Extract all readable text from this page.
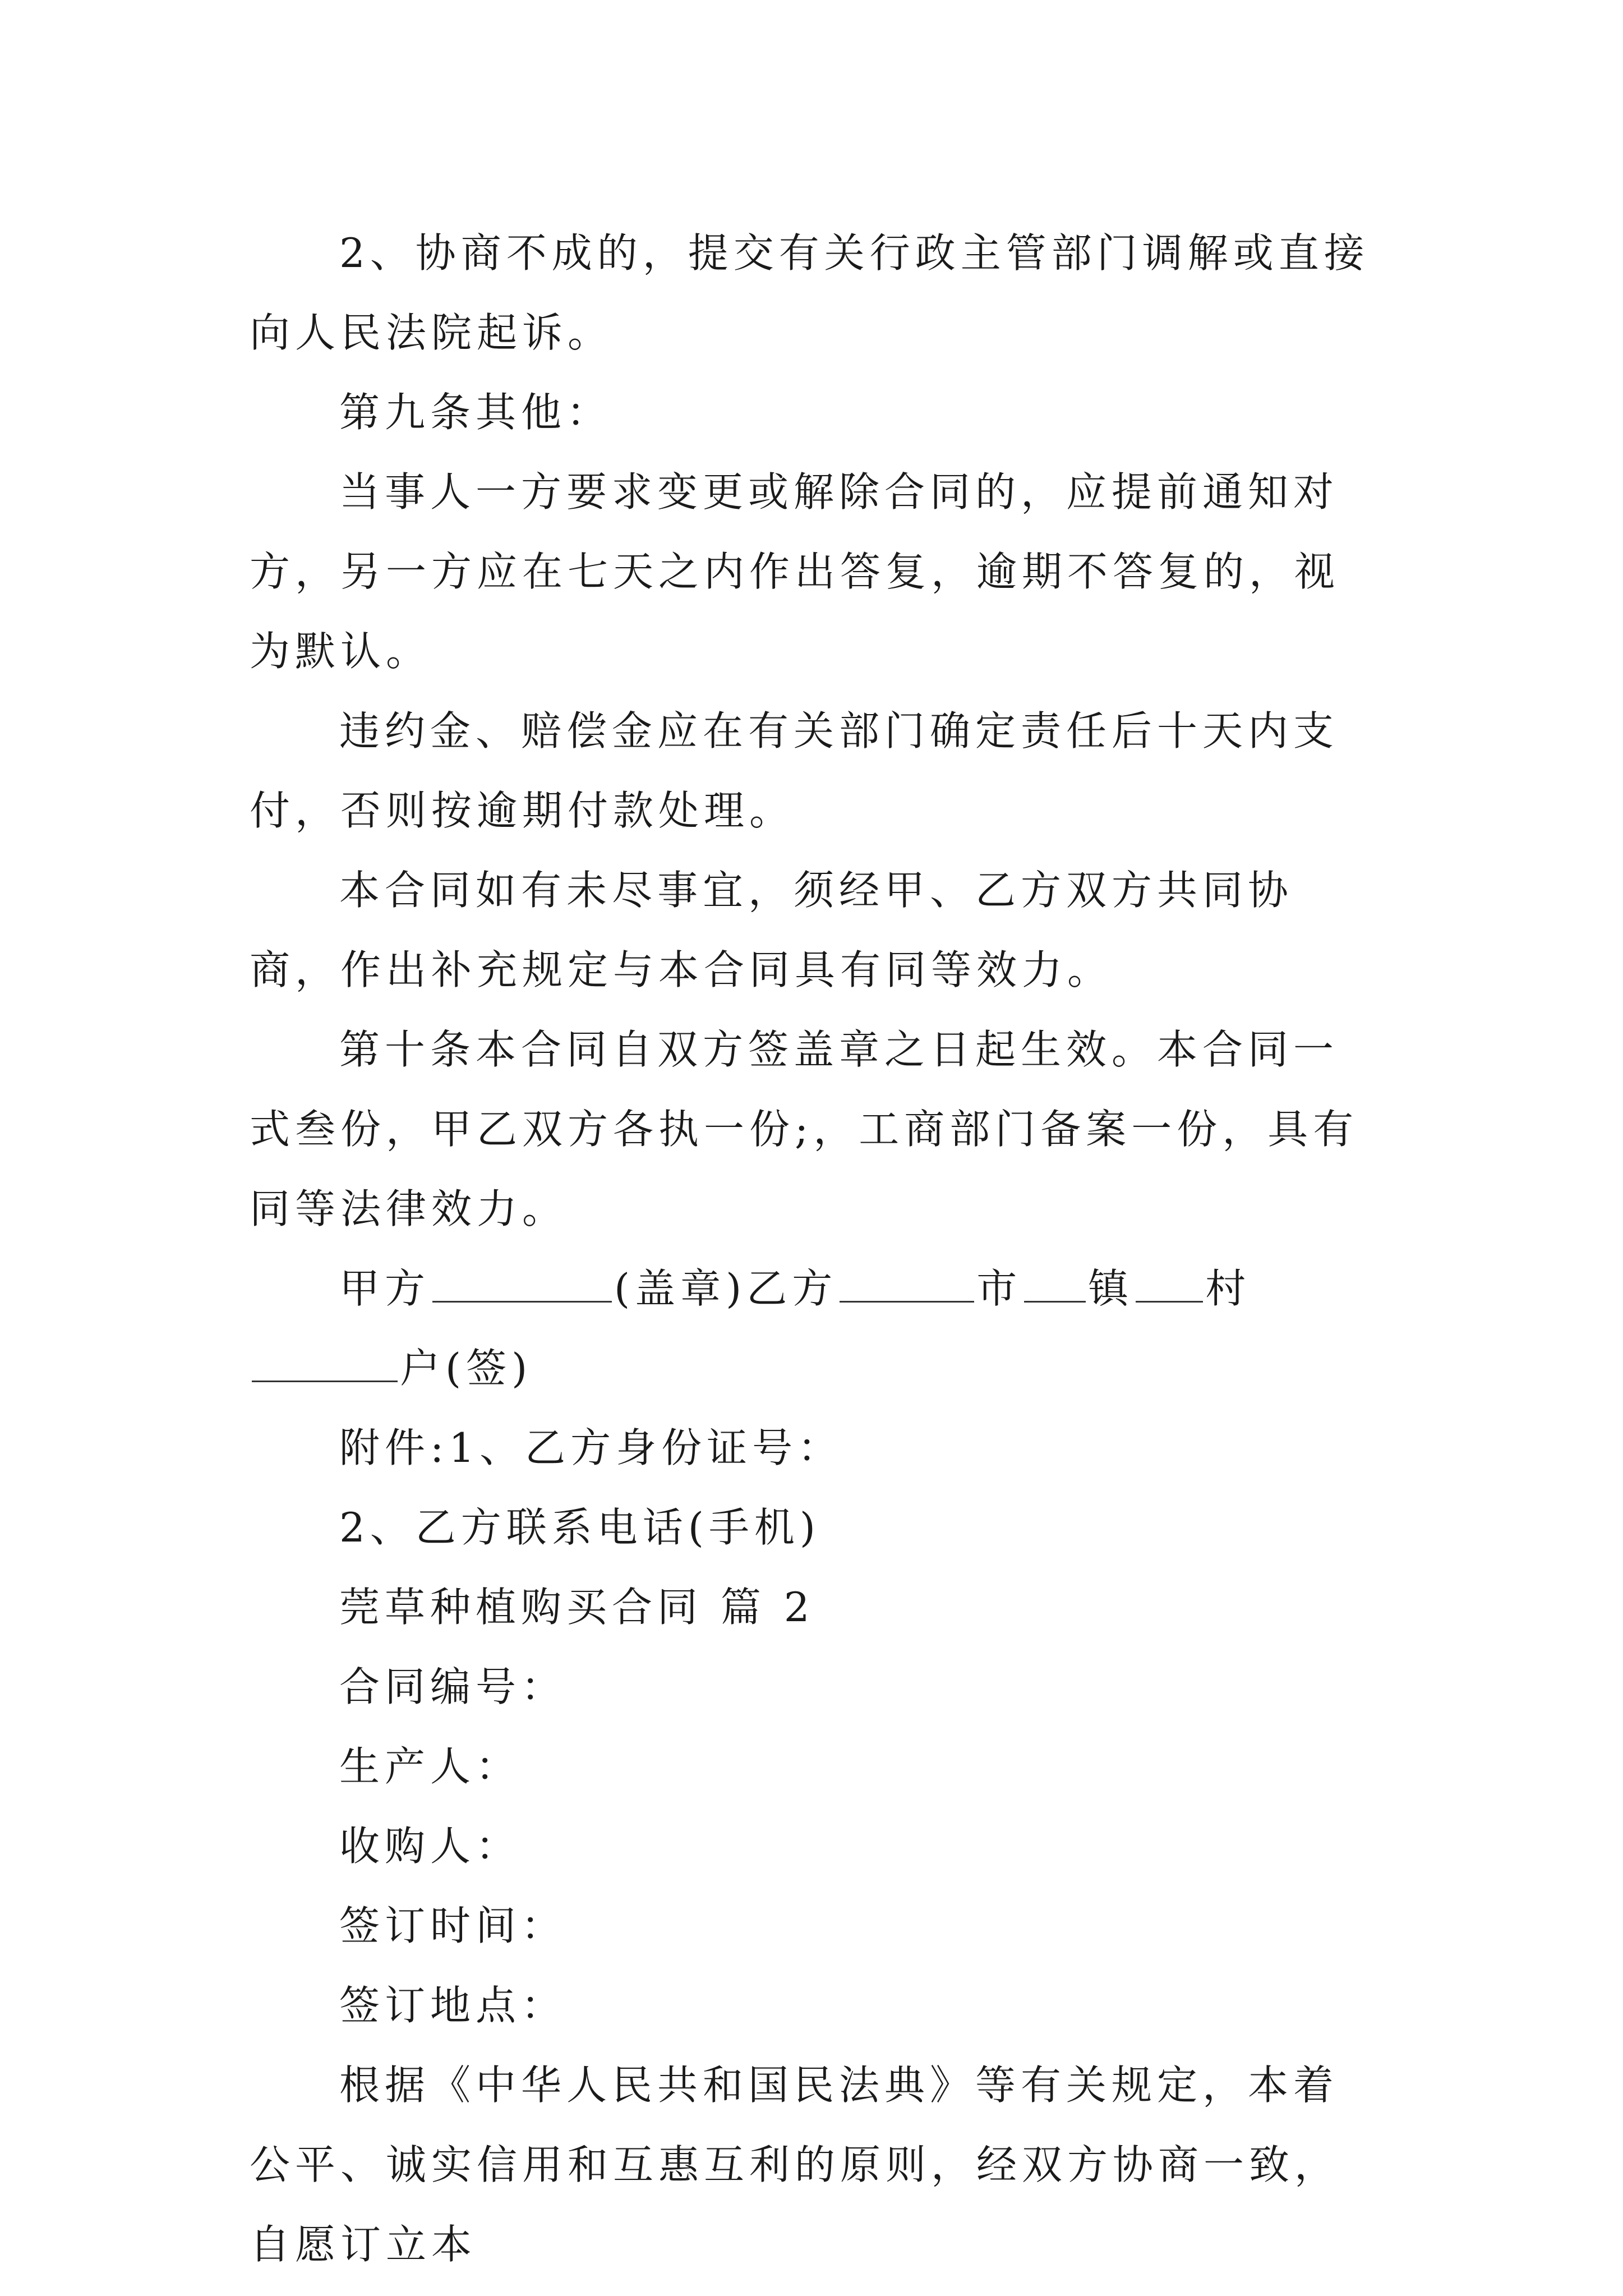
2、协商不成的，提交有关行政主管部门调解或直接向人民法院起诉。

第九条其他：

当事人一方要求变更或解除合同的，应提前通知对方，另一方应在七天之内作出答复，逾期不答复的，视为默认。

违约金、赔偿金应在有关部门确定责任后十天内支付，否则按逾期付款处理。

本合同如有未尽事宜，须经甲、乙方双方共同协商，作出补充规定与本合同具有同等效力。

第十条本合同自双方签盖章之日起生效。本合同一式叁份，甲乙双方各执一份;，工商部门备案一份，具有同等法律效力。

甲方	(盖章)乙方	市 镇 村户(签)

附件:1、乙方身份证号：

2、乙方联系电话(手机)

莞草种植购买合同 篇 2

合同编号：

生产人：

收购人：

签订时间：

签订地点：

根据《中华人民共和国民法典》等有关规定，本着公平、诚实信用和互惠互利的原则，经双方协商一致，自愿订立本
